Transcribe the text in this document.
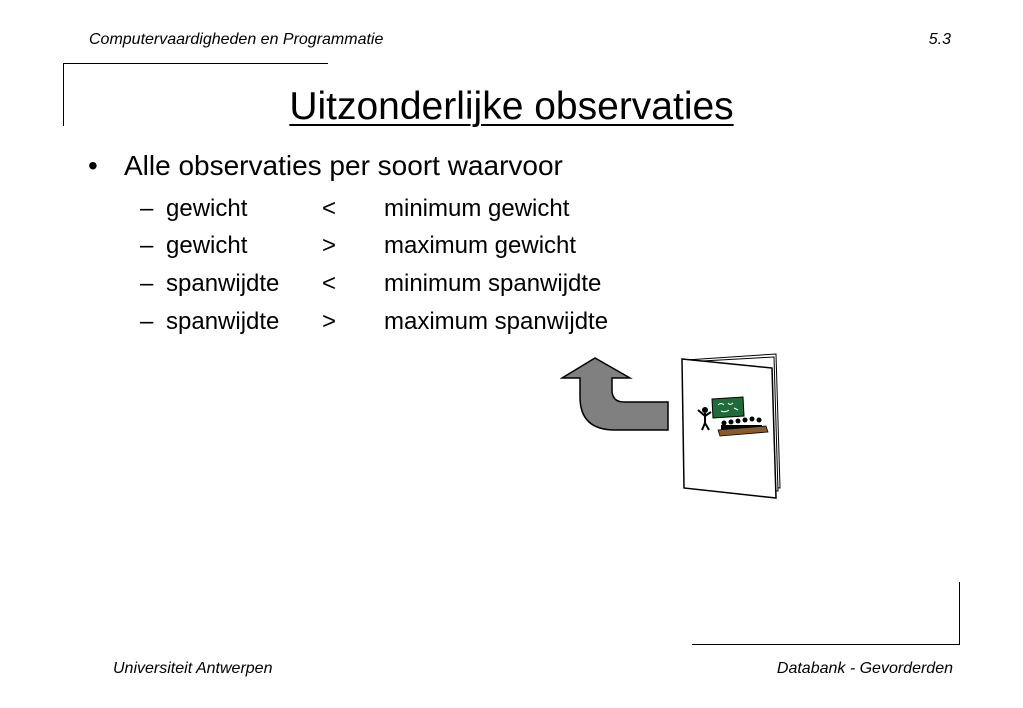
Computervaardigheden en Programmatie	5.3
Uitzonderlijke observaties
• Alle observaties per soort waarvoor
– gewicht	< minimum gewicht
– gewicht	> maximum gewicht
– spanwijdte < minimum spanwijdte
– spanwijdte > maximum spanwijdte
Universiteit Antwerpen	Databank - Gevorderden
